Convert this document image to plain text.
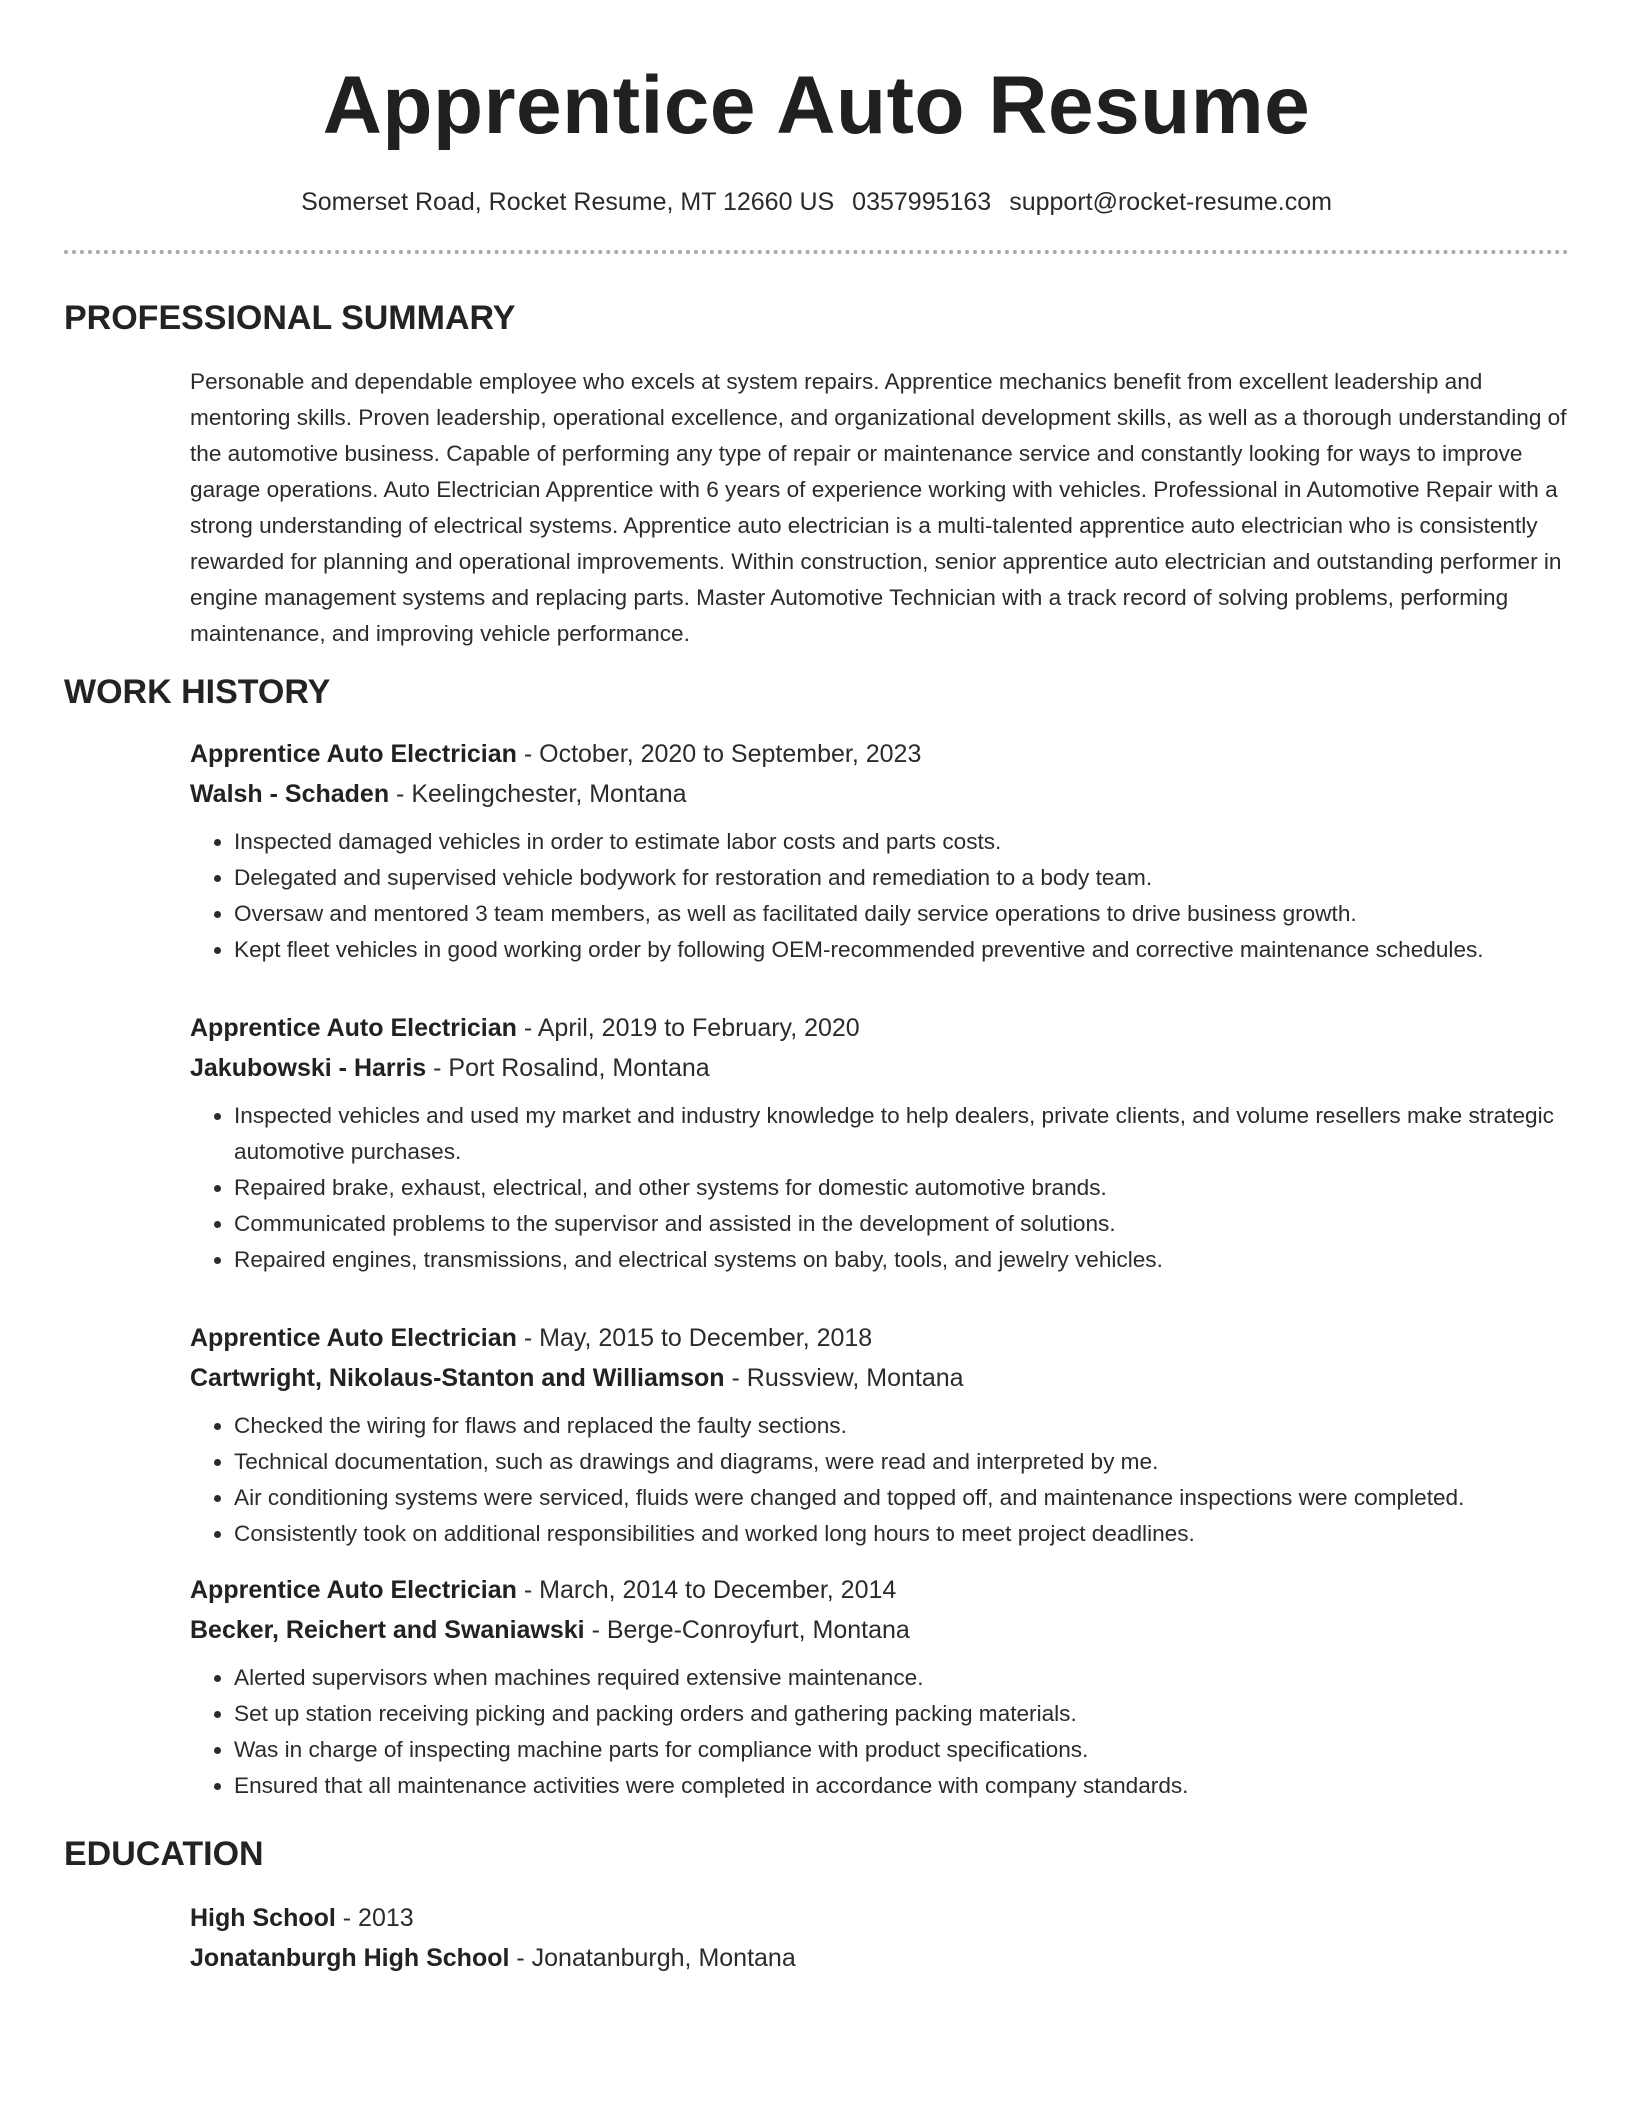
Apprentice Auto Resume
Somerset Road, Rocket Resume, MT 12660 US 0357995163 support@rocket-resume.com
PROFESSIONAL SUMMARY

Personable and dependable employee who excels at system repairs. Apprentice mechanics benefit from excellent leadership and mentoring skills. Proven leadership, operational excellence, and organizational development skills, as well as a thorough understanding of the automotive business. Capable of performing any type of repair or maintenance service and constantly looking for ways to improve garage operations. Auto Electrician Apprentice with 6 years of experience working with vehicles. Professional in Automotive Repair with a strong understanding of electrical systems. Apprentice auto electrician is a multi-talented apprentice auto electrician who is consistently rewarded for planning and operational improvements. Within construction, senior apprentice auto electrician and outstanding performer in engine management systems and replacing parts. Master Automotive Technician with a track record of solving problems, performing maintenance, and improving vehicle performance.

WORK HISTORY
Apprentice Auto Electrician - October, 2020 to September, 2023
Walsh - Schaden - Keelingchester, Montana
• Inspected damaged vehicles in order to estimate labor costs and parts costs.
• Delegated and supervised vehicle bodywork for restoration and remediation to a body team.
• Oversaw and mentored 3 team members, as well as facilitated daily service operations to drive business growth.
• Kept fleet vehicles in good working order by following OEM-recommended preventive and corrective maintenance schedules.
Apprentice Auto Electrician - April, 2019 to February, 2020
Jakubowski - Harris - Port Rosalind, Montana
• Inspected vehicles and used my market and industry knowledge to help dealers, private clients, and volume resellers make strategic automotive purchases.
• Repaired brake, exhaust, electrical, and other systems for domestic automotive brands.
• Communicated problems to the supervisor and assisted in the development of solutions.
• Repaired engines, transmissions, and electrical systems on baby, tools, and jewelry vehicles.
Apprentice Auto Electrician - May, 2015 to December, 2018
Cartwright, Nikolaus-Stanton and Williamson - Russview, Montana
• Checked the wiring for flaws and replaced the faulty sections.
• Technical documentation, such as drawings and diagrams, were read and interpreted by me.
• Air conditioning systems were serviced, fluids were changed and topped off, and maintenance inspections were completed.
• Consistently took on additional responsibilities and worked long hours to meet project deadlines.
Apprentice Auto Electrician - March, 2014 to December, 2014
Becker, Reichert and Swaniawski - Berge-Conroyfurt, Montana
• Alerted supervisors when machines required extensive maintenance.
• Set up station receiving picking and packing orders and gathering packing materials.
• Was in charge of inspecting machine parts for compliance with product specifications.
• Ensured that all maintenance activities were completed in accordance with company standards.
EDUCATION
High School - 2013
Jonatanburgh High School - Jonatanburgh, Montana
